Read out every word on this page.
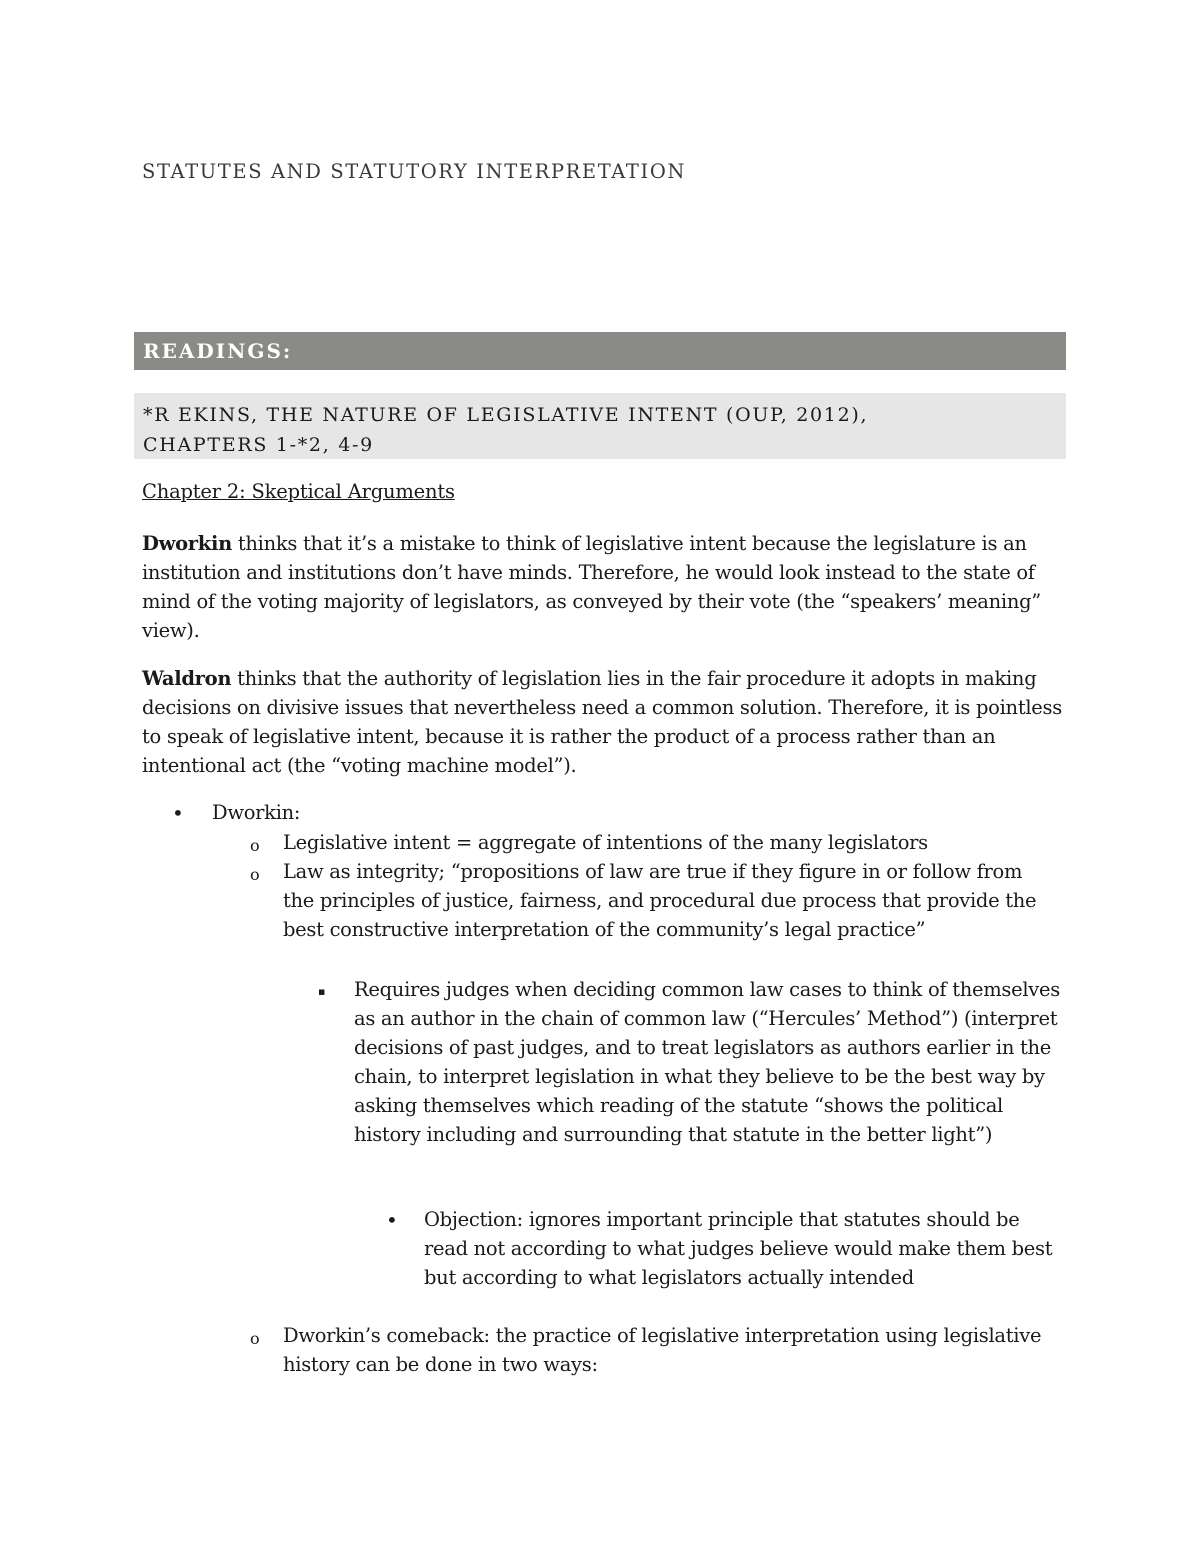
STATUTES AND STATUTORY INTERPRETATION
READINGS:
*R EKINS, THE NATURE OF LEGISLATIVE INTENT (OUP, 2012),
CHAPTERS 1-*2, 4-9
Chapter 2: Skeptical Arguments
Dworkin thinks that it’s a mistake to think of legislative intent because the legislature is an institution and institutions don’t have minds. Therefore, he would look instead to the state of mind of the voting majority of legislators, as conveyed by their vote (the “speakers’ meaning” view).
Waldron thinks that the authority of legislation lies in the fair procedure it adopts in making decisions on divisive issues that nevertheless need a common solution. Therefore, it is pointless to speak of legislative intent, because it is rather the product of a process rather than an intentional act (the “voting machine model”).
• Dworkin:
o Legislative intent = aggregate of intentions of the many legislators
o Law as integrity; “propositions of law are true if they figure in or follow from the principles of justice, fairness, and procedural due process that provide the best constructive interpretation of the community’s legal practice”
▪ Requires judges when deciding common law cases to think of themselves as an author in the chain of common law (“Hercules’ Method”) (interpret decisions of past judges, and to treat legislators as authors earlier in the chain, to interpret legislation in what they believe to be the best way by asking themselves which reading of the statute “shows the political history including and surrounding that statute in the better light”)
• Objection: ignores important principle that statutes should be read not according to what judges believe would make them best but according to what legislators actually intended
o Dworkin’s comeback: the practice of legislative interpretation using legislative history can be done in two ways:
